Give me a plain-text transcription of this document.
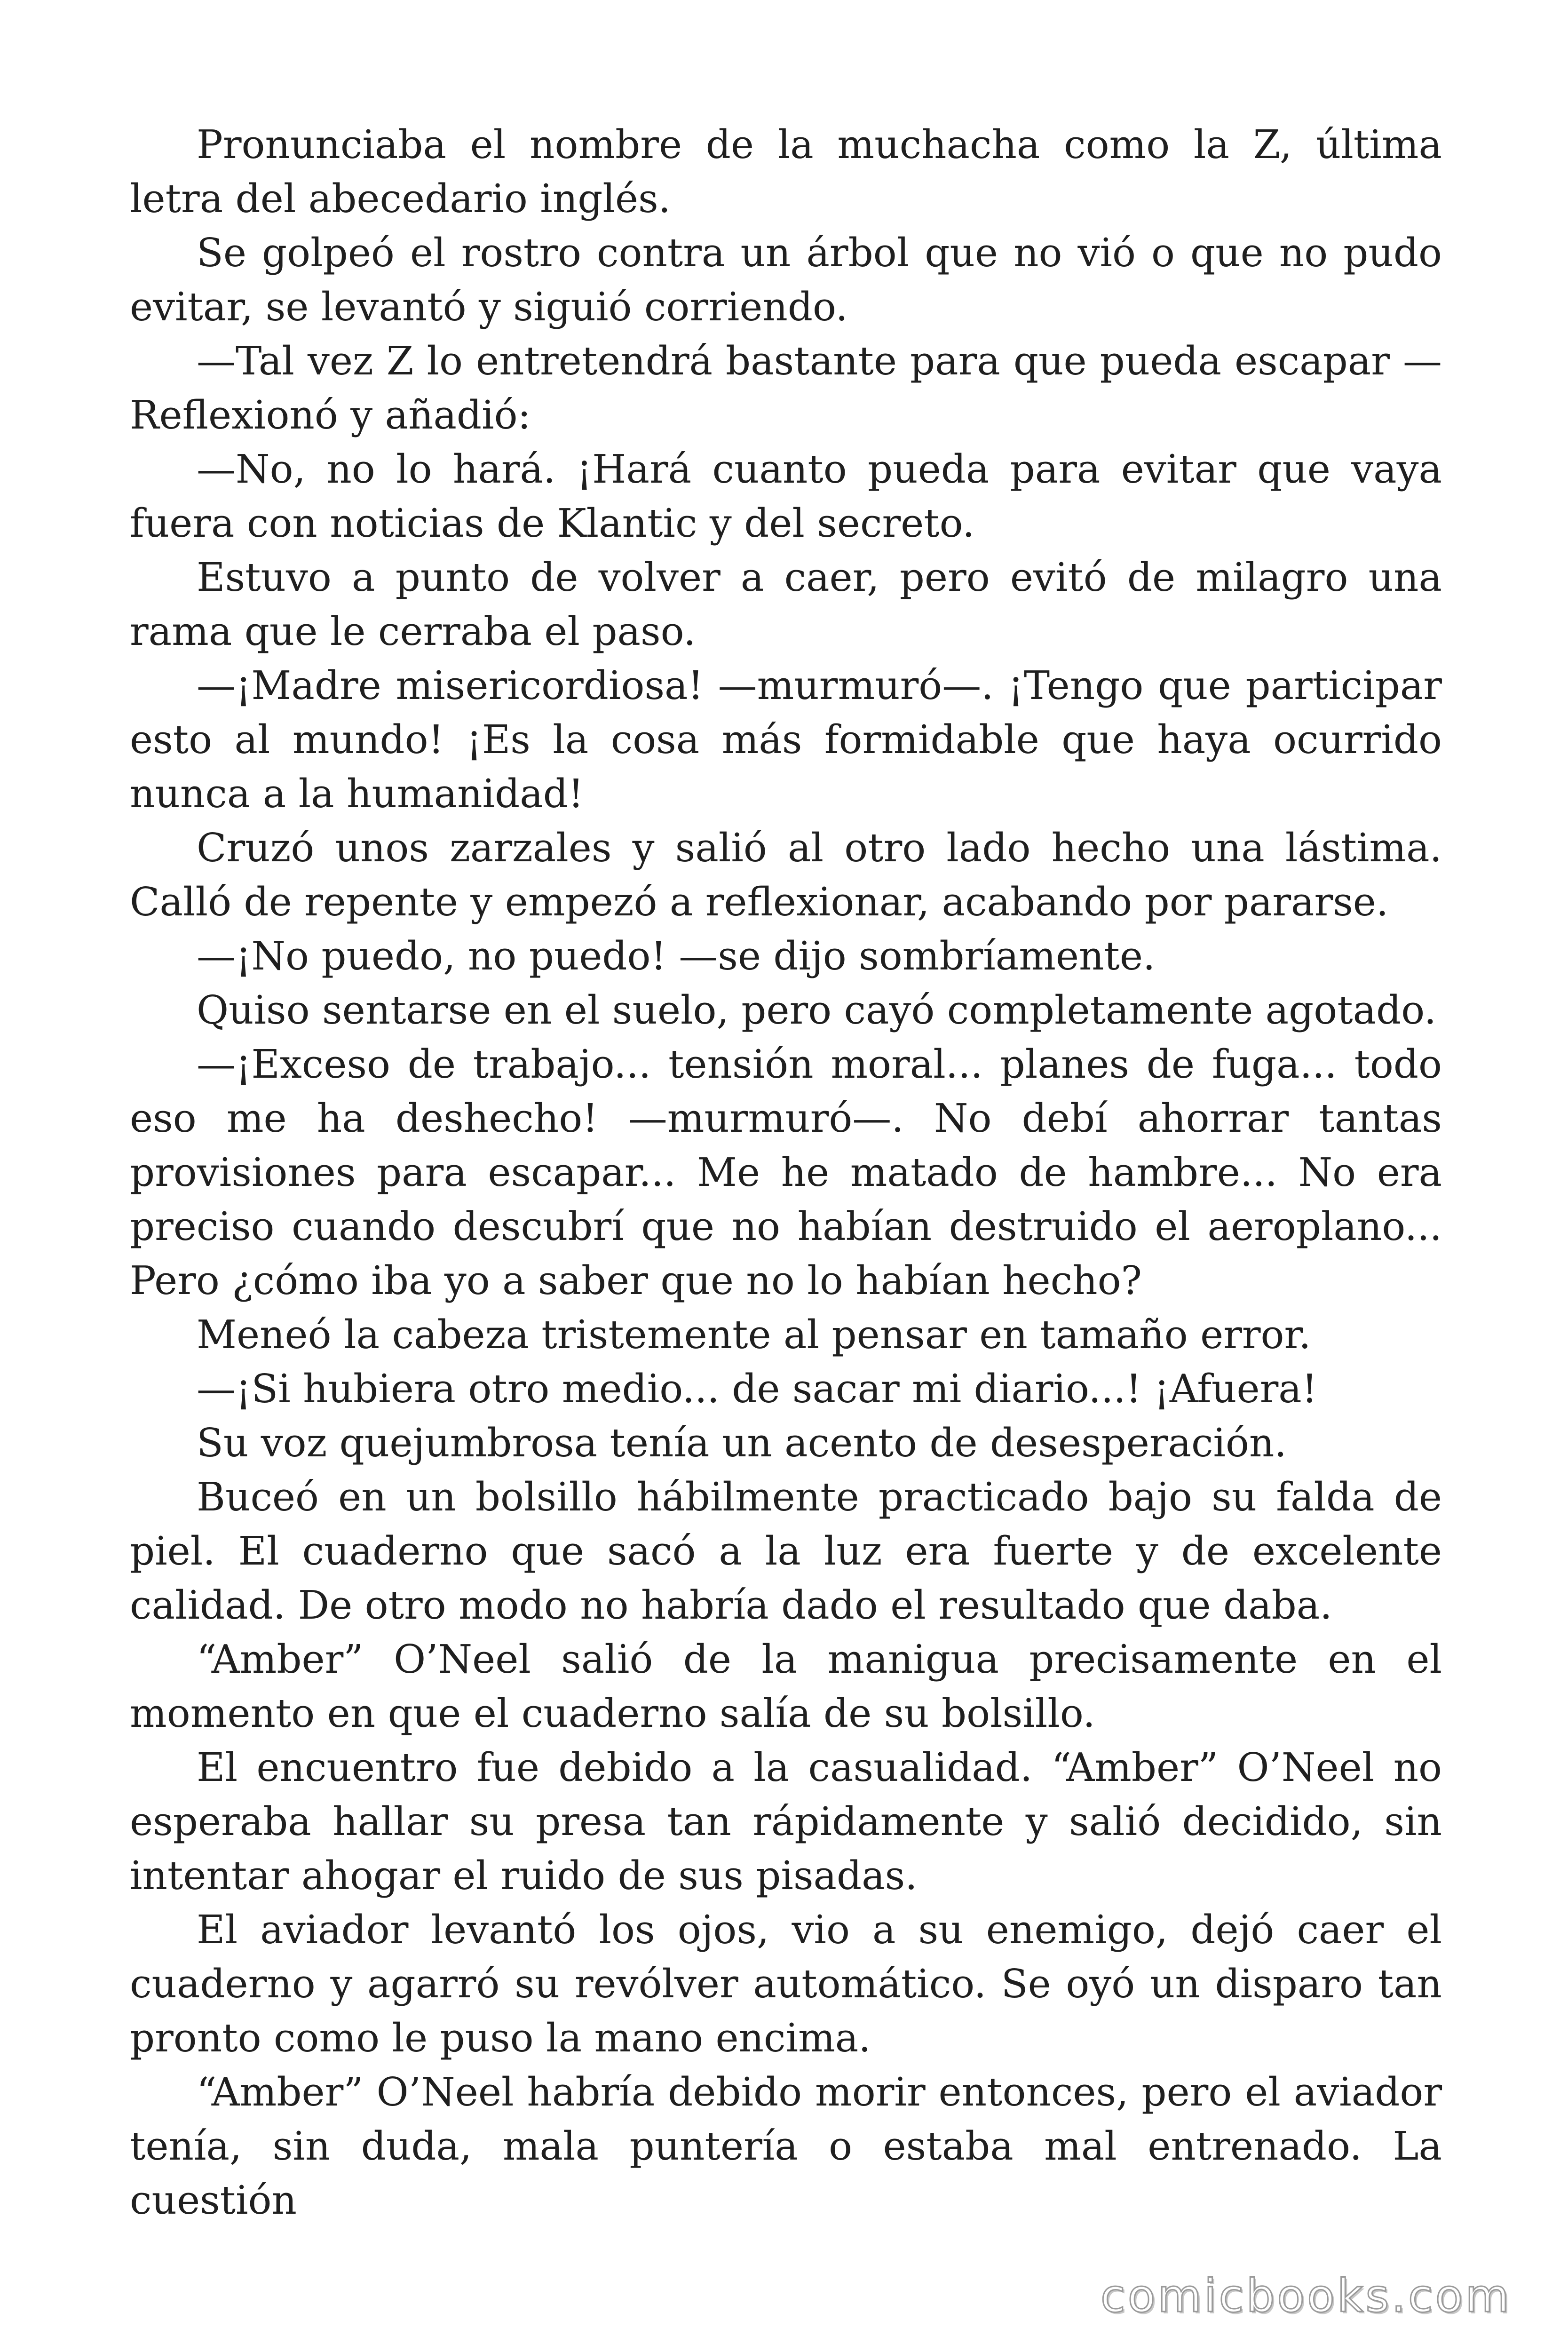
Pronunciaba el nombre de la muchacha como la Z, última letra del abecedario inglés.

Se golpeó el rostro contra un árbol que no vió o que no pudo evitar, se levantó y siguió corriendo.

—Tal vez Z lo entretendrá bastante para que pueda escapar — Reflexionó y añadió:

—No, no lo hará. ¡Hará cuanto pueda para evitar que vaya fuera con noticias de Klantic y del secreto.

Estuvo a punto de volver a caer, pero evitó de milagro una rama que le cerraba el paso.

—¡Madre misericordiosa! —murmuró—. ¡Tengo que participar esto al mundo! ¡Es la cosa más formidable que haya ocurrido nunca a la humanidad!

Cruzó unos zarzales y salió al otro lado hecho una lástima. Calló de repente y empezó a reflexionar, acabando por pararse.

—¡No puedo, no puedo! —se dijo sombríamente.

Quiso sentarse en el suelo, pero cayó completamente agotado.

—¡Exceso de trabajo... tensión moral... planes de fuga... todo eso me ha deshecho! —murmuró—. No debí ahorrar tantas provisiones para escapar... Me he matado de hambre... No era preciso cuando descubrí que no habían destruido el aeroplano... Pero ¿cómo iba yo a saber que no lo habían hecho?

Meneó la cabeza tristemente al pensar en tamaño error.

—¡Si hubiera otro medio... de sacar mi diario...! ¡Afuera!

Su voz quejumbrosa tenía un acento de desesperación.

Buceó en un bolsillo hábilmente practicado bajo su falda de piel. El cuaderno que sacó a la luz era fuerte y de excelente calidad. De otro modo no habría dado el resultado que daba.

“Amber” O’Neel salió de la manigua precisamente en el momento en que el cuaderno salía de su bolsillo.

El encuentro fue debido a la casualidad. “Amber” O’Neel no esperaba hallar su presa tan rápidamente y salió decidido, sin intentar ahogar el ruido de sus pisadas.

El aviador levantó los ojos, vio a su enemigo, dejó caer el cuaderno y agarró su revólver automático. Se oyó un disparo tan pronto como le puso la mano encima.

“Amber” O’Neel habría debido morir entonces, pero el aviador tenía, sin duda, mala puntería o estaba mal entrenado. La cuestión

comicbooks.com
